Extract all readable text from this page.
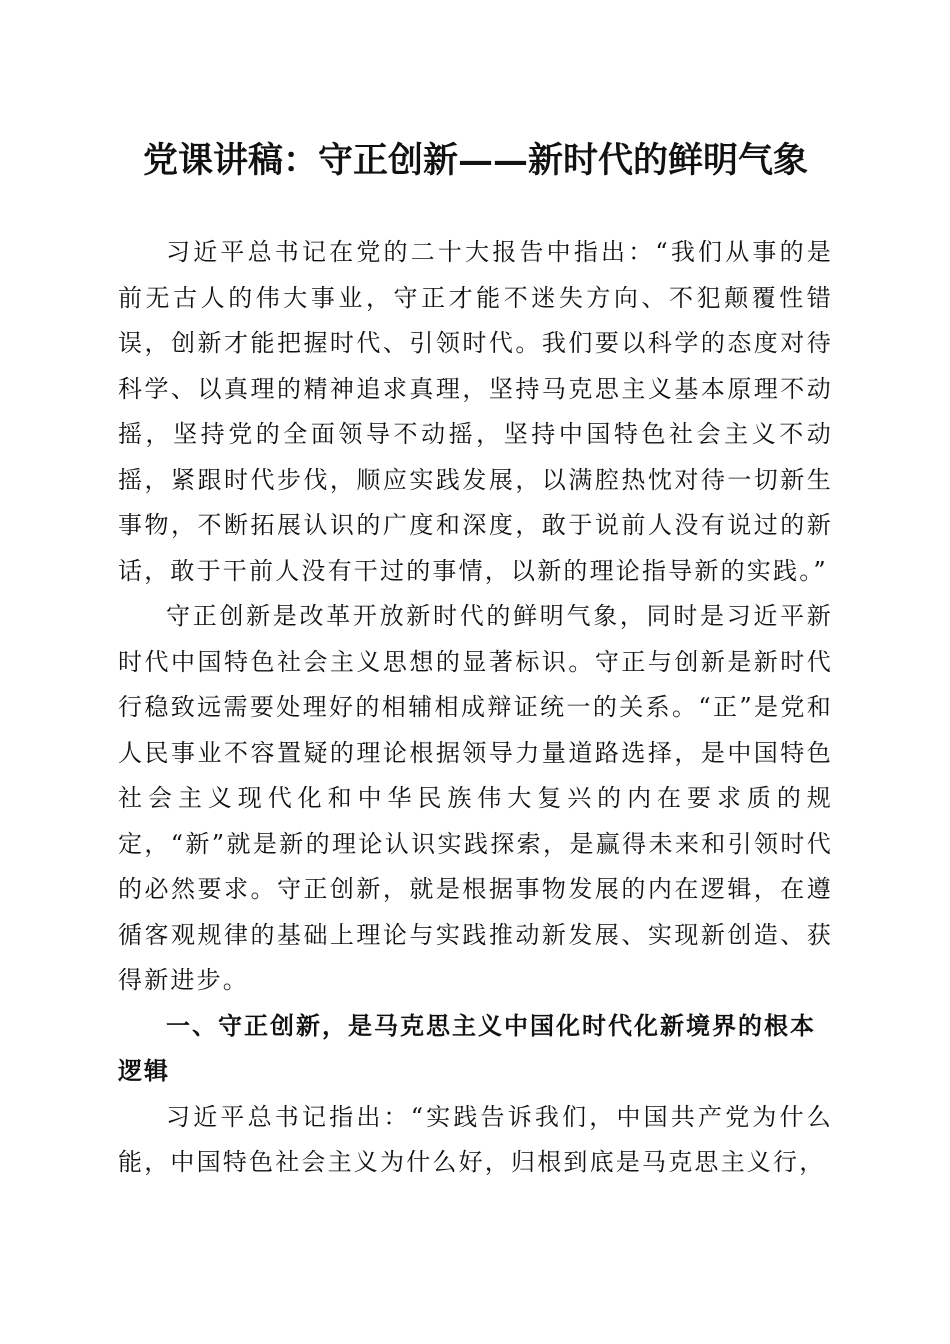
党课讲稿：守正创新——新时代的鲜明气象

习近平总书记在党的二十大报告中指出：“我们从事的是前无古人的伟大事业，守正才能不迷失方向、不犯颠覆性错误，创新才能把握时代、引领时代。我们要以科学的态度对待科学、以真理的精神追求真理，坚持马克思主义基本原理不动摇，坚持党的全面领导不动摇，坚持中国特色社会主义不动摇，紧跟时代步伐，顺应实践发展，以满腔热忱对待一切新生事物，不断拓展认识的广度和深度，敢于说前人没有说过的新话，敢于干前人没有干过的事情，以新的理论指导新的实践。”

守正创新是改革开放新时代的鲜明气象，同时是习近平新时代中国特色社会主义思想的显著标识。守正与创新是新时代行稳致远需要处理好的相辅相成辩证统一的关系。“正”是党和人民事业不容置疑的理论根据领导力量道路选择，是中国特色社会主义现代化和中华民族伟大复兴的内在要求质的规定，“新”就是新的理论认识实践探索，是赢得未来和引领时代的必然要求。守正创新，就是根据事物发展的内在逻辑，在遵循客观规律的基础上理论与实践推动新发展、实现新创造、获得新进步。

一、守正创新，是马克思主义中国化时代化新境界的根本逻辑

习近平总书记指出：“实践告诉我们，中国共产党为什么能，中国特色社会主义为什么好，归根到底是马克思主义行，
